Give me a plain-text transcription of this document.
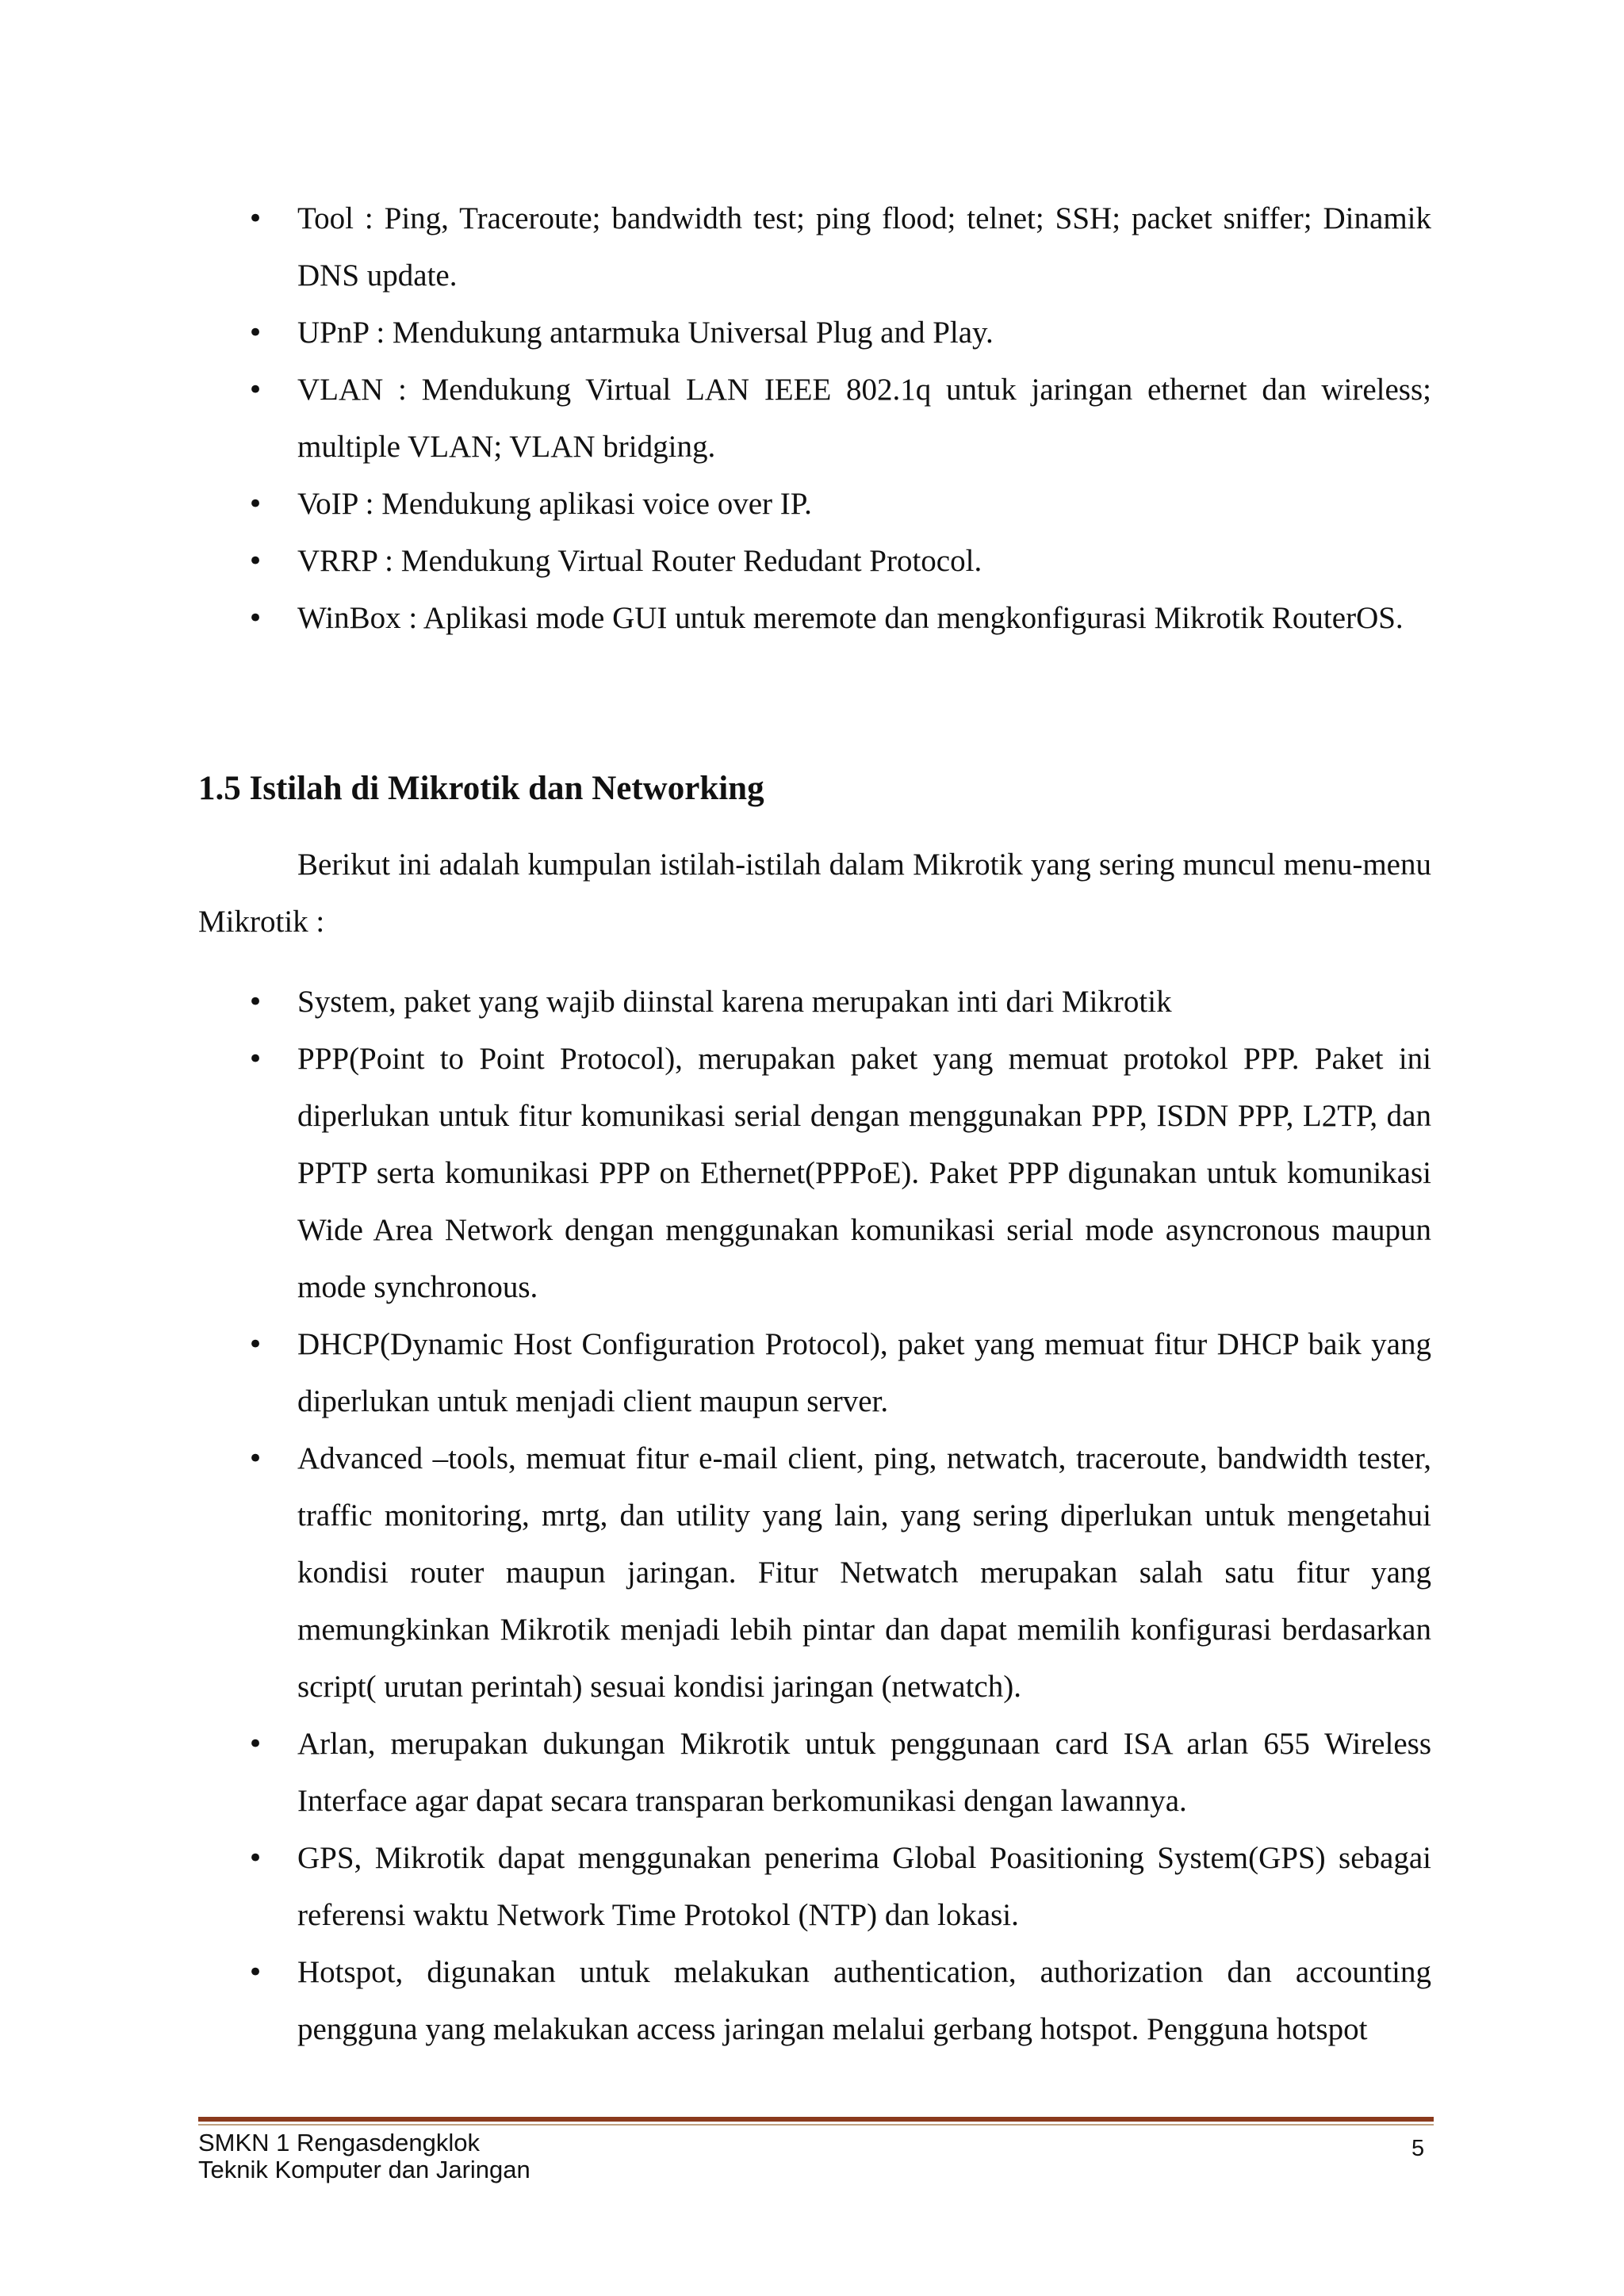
• Tool : Ping, Traceroute; bandwidth test; ping flood; telnet; SSH; packet sniffer; Dinamik DNS update.
• UPnP : Mendukung antarmuka Universal Plug and Play.
• VLAN : Mendukung Virtual LAN IEEE 802.1q untuk jaringan ethernet dan wireless; multiple VLAN; VLAN bridging.
• VoIP : Mendukung aplikasi voice over IP.
• VRRP : Mendukung Virtual Router Redudant Protocol.
• WinBox : Aplikasi mode GUI untuk meremote dan mengkonfigurasi Mikrotik RouterOS.
1.5 Istilah di Mikrotik dan Networking
Berikut ini adalah kumpulan istilah-istilah dalam Mikrotik yang sering muncul menu-menu Mikrotik :
• System, paket yang wajib diinstal karena merupakan inti dari Mikrotik
• PPP(Point to Point Protocol), merupakan paket yang memuat protokol PPP. Paket ini diperlukan untuk fitur komunikasi serial dengan menggunakan PPP, ISDN PPP, L2TP, dan PPTP serta komunikasi PPP on Ethernet(PPPoE). Paket PPP digunakan untuk komunikasi Wide Area Network dengan menggunakan komunikasi serial mode asyncronous maupun mode synchronous.
• DHCP(Dynamic Host Configuration Protocol), paket yang memuat fitur DHCP baik yang diperlukan untuk menjadi client maupun server.
• Advanced –tools, memuat fitur e-mail client, ping, netwatch, traceroute, bandwidth tester, traffic monitoring, mrtg, dan utility yang lain, yang sering diperlukan untuk mengetahui kondisi router maupun jaringan. Fitur Netwatch merupakan salah satu fitur yang memungkinkan Mikrotik menjadi lebih pintar dan dapat memilih konfigurasi berdasarkan script( urutan perintah) sesuai kondisi jaringan (netwatch).
• Arlan, merupakan dukungan Mikrotik untuk penggunaan card ISA arlan 655 Wireless Interface agar dapat secara transparan berkomunikasi dengan lawannya.
• GPS, Mikrotik dapat menggunakan penerima Global Poasitioning System(GPS) sebagai referensi waktu Network Time Protokol (NTP) dan lokasi.
• Hotspot, digunakan untuk melakukan authentication, authorization dan accounting pengguna yang melakukan access jaringan melalui gerbang hotspot. Pengguna hotspot
SMKN 1 Rengasdengklok
Teknik Komputer dan Jaringan
5
